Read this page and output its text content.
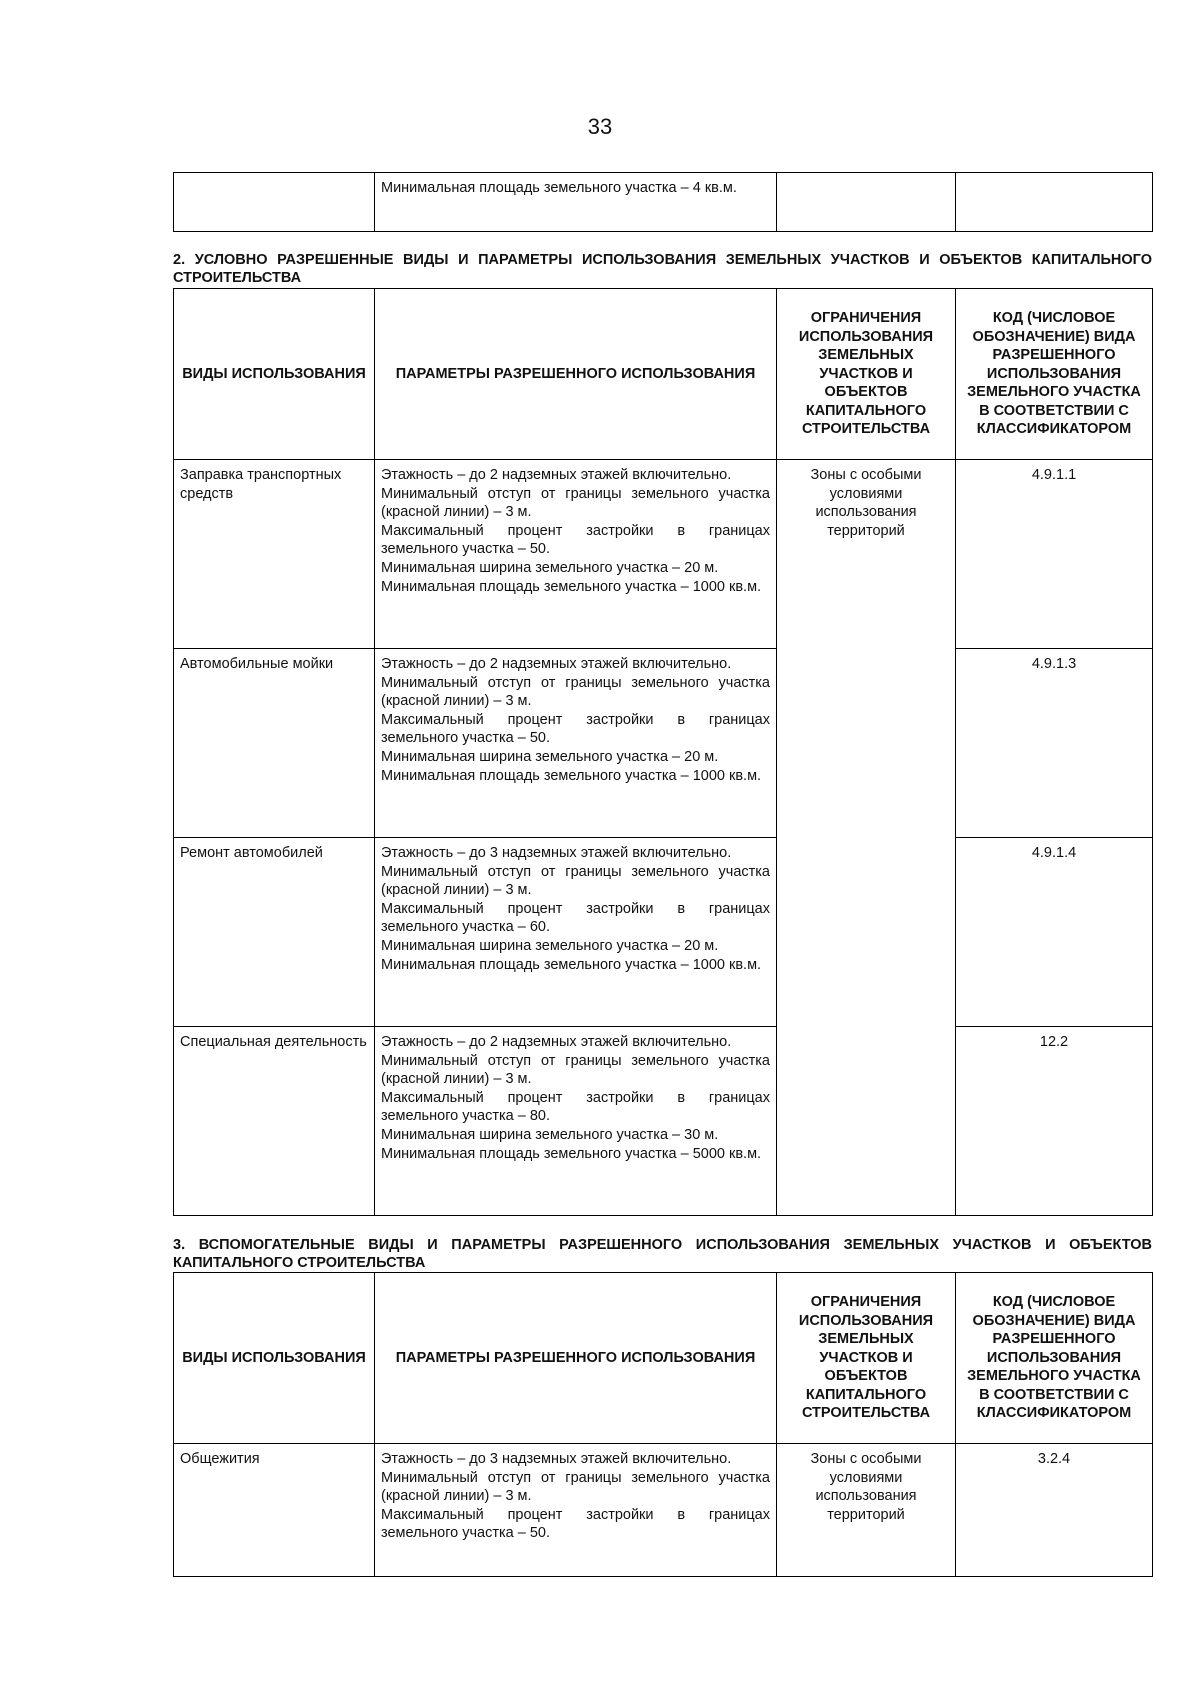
33

Минимальная площадь земельного участка – 4 кв.м.

2. УСЛОВНО РАЗРЕШЕННЫЕ ВИДЫ И ПАРАМЕТРЫ ИСПОЛЬЗОВАНИЯ ЗЕМЕЛЬНЫХ УЧАСТКОВ И ОБЪЕКТОВ КАПИТАЛЬНОГО СТРОИТЕЛЬСТВА
ВИДЫ ИСПОЛЬЗОВАНИЯ	ПАРАМЕТРЫ РАЗРЕШЕННОГО ИСПОЛЬЗОВАНИЯ	ОГРАНИЧЕНИЯ ИСПОЛЬЗОВАНИЯ ЗЕМЕЛЬНЫХ УЧАСТКОВ И ОБЪЕКТОВ КАПИТАЛЬНОГО СТРОИТЕЛЬСТВА	КОД (ЧИСЛОВОЕ ОБОЗНАЧЕНИЕ) ВИДА РАЗРЕШЕННОГО ИСПОЛЬЗОВАНИЯ ЗЕМЕЛЬНОГО УЧАСТКА В СООТВЕТСТВИИ С КЛАССИФИКАТОРОМ
Заправка транспортных средств	Этажность – до 2 надземных этажей включительно.
Минимальный отступ от границы земельного участка (красной линии) – 3 м.
Максимальный процент застройки в границах земельного участка – 50.
Минимальная ширина земельного участка – 20 м.
Минимальная площадь земельного участка – 1000 кв.м.	Зоны с особыми условиями использования территорий	4.9.1.1
Автомобильные мойки	Этажность – до 2 надземных этажей включительно.
Минимальный отступ от границы земельного участка (красной линии) – 3 м.
Максимальный процент застройки в границах земельного участка – 50.
Минимальная ширина земельного участка – 20 м.
Минимальная площадь земельного участка – 1000 кв.м.		4.9.1.3
Ремонт автомобилей	Этажность – до 3 надземных этажей включительно.
Минимальный отступ от границы земельного участка (красной линии) – 3 м.
Максимальный процент застройки в границах земельного участка – 60.
Минимальная ширина земельного участка – 20 м.
Минимальная площадь земельного участка – 1000 кв.м.		4.9.1.4
Специальная деятельность	Этажность – до 2 надземных этажей включительно.
Минимальный отступ от границы земельного участка (красной линии) – 3 м.
Максимальный процент застройки в границах земельного участка – 80.
Минимальная ширина земельного участка – 30 м.
Минимальная площадь земельного участка – 5000 кв.м.		12.2
3. ВСПОМОГАТЕЛЬНЫЕ ВИДЫ И ПАРАМЕТРЫ РАЗРЕШЕННОГО ИСПОЛЬЗОВАНИЯ ЗЕМЕЛЬНЫХ УЧАСТКОВ И ОБЪЕКТОВ КАПИТАЛЬНОГО СТРОИТЕЛЬСТВА
ВИДЫ ИСПОЛЬЗОВАНИЯ	ПАРАМЕТРЫ РАЗРЕШЕННОГО ИСПОЛЬЗОВАНИЯ	ОГРАНИЧЕНИЯ ИСПОЛЬЗОВАНИЯ ЗЕМЕЛЬНЫХ УЧАСТКОВ И ОБЪЕКТОВ КАПИТАЛЬНОГО СТРОИТЕЛЬСТВА	КОД (ЧИСЛОВОЕ ОБОЗНАЧЕНИЕ) ВИДА РАЗРЕШЕННОГО ИСПОЛЬЗОВАНИЯ ЗЕМЕЛЬНОГО УЧАСТКА В СООТВЕТСТВИИ С КЛАССИФИКАТОРОМ
Общежития	Этажность – до 3 надземных этажей включительно.
Минимальный отступ от границы земельного участка (красной линии) – 3 м.
Максимальный процент застройки в границах земельного участка – 50.	Зоны с особыми условиями использования территорий	3.2.4
